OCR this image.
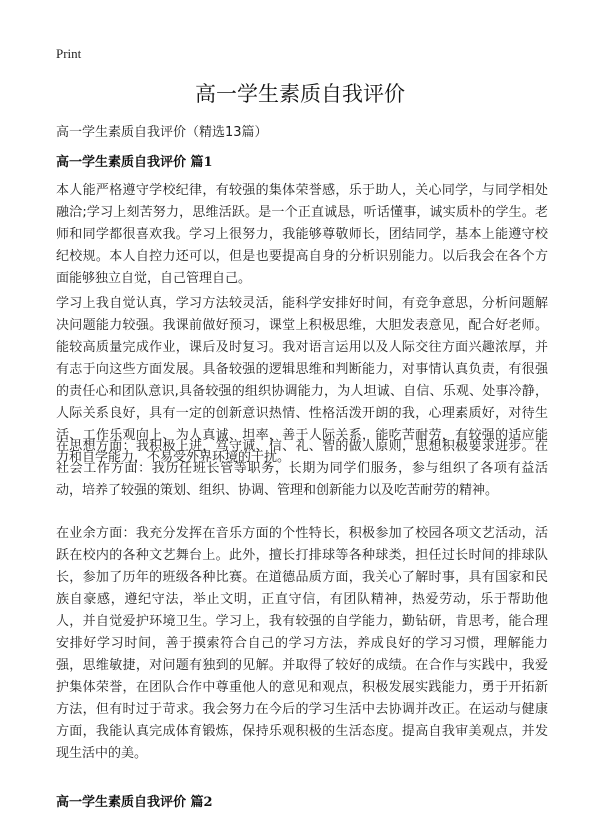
Print
高一学生素质自我评价
高一学生素质自我评价（精选13篇）
高一学生素质自我评价 篇1

本人能严格遵守学校纪律，有较强的集体荣誉感，乐于助人，关心同学，与同学相处融洽;学习上刻苦努力，思维活跃。是一个正直诚恳，听话懂事，诚实质朴的学生。老师和同学都很喜欢我。学习上很努力，我能够尊敬师长，团结同学，基本上能遵守校纪校规。本人自控力还可以，但是也要提高自身的分析识别能力。以后我会在各个方面能够独立自觉，自己管理自己。

学习上我自觉认真，学习方法较灵活，能科学安排好时间，有竞争意思，分析问题解决问题能力较强。我课前做好预习，课堂上积极思维，大胆发表意见，配合好老师。能较高质量完成作业，课后及时复习。我对语言运用以及人际交往方面兴趣浓厚，并有志于向这些方面发展。具备较强的逻辑思维和判断能力，对事情认真负责，有很强的责任心和团队意识,具备较强的组织协调能力，为人坦诚、自信、乐观、处事冷静，人际关系良好，具有一定的创新意识热情、性格活泼开朗的我，心理素质好，对待生活、工作乐观向上、为人真诚、坦率，善于人际关系，能吃苦耐劳，有较强的适应能力和自学能力，不易受外界环境的干扰。

在思想方面：我积极上进，笃守诚、信、礼、智的做人原则，思想积极要求进步。在社会工作方面：我历任班长管等职务，长期为同学们服务，参与组织了各项有益活动，培养了较强的策划、组织、协调、管理和创新能力以及吃苦耐劳的精神。

在业余方面：我充分发挥在音乐方面的个性特长，积极参加了校园各项文艺活动，活跃在校内的各种文艺舞台上。此外，擅长打排球等各种球类，担任过长时间的排球队长，参加了历年的班级各种比赛。在道德品质方面，我关心了解时事，具有国家和民族自豪感，遵纪守法，举止文明，正直守信，有团队精神，热爱劳动，乐于帮助他人，并自觉爱护环境卫生。学习上，我有较强的自学能力，勤钻研，肯思考，能合理安排好学习时间，善于摸索符合自己的学习方法，养成良好的学习习惯，理解能力强，思维敏捷，对问题有独到的见解。并取得了较好的成绩。在合作与实践中，我爱护集体荣誉，在团队合作中尊重他人的意见和观点，积极发展实践能力，勇于开拓新方法，但有时过于苛求。我会努力在今后的学习生活中去协调并改正。在运动与健康方面，我能认真完成体育锻炼，保持乐观积极的生活态度。提高自我审美观点，并发现生活中的美。

高一学生素质自我评价 篇2
